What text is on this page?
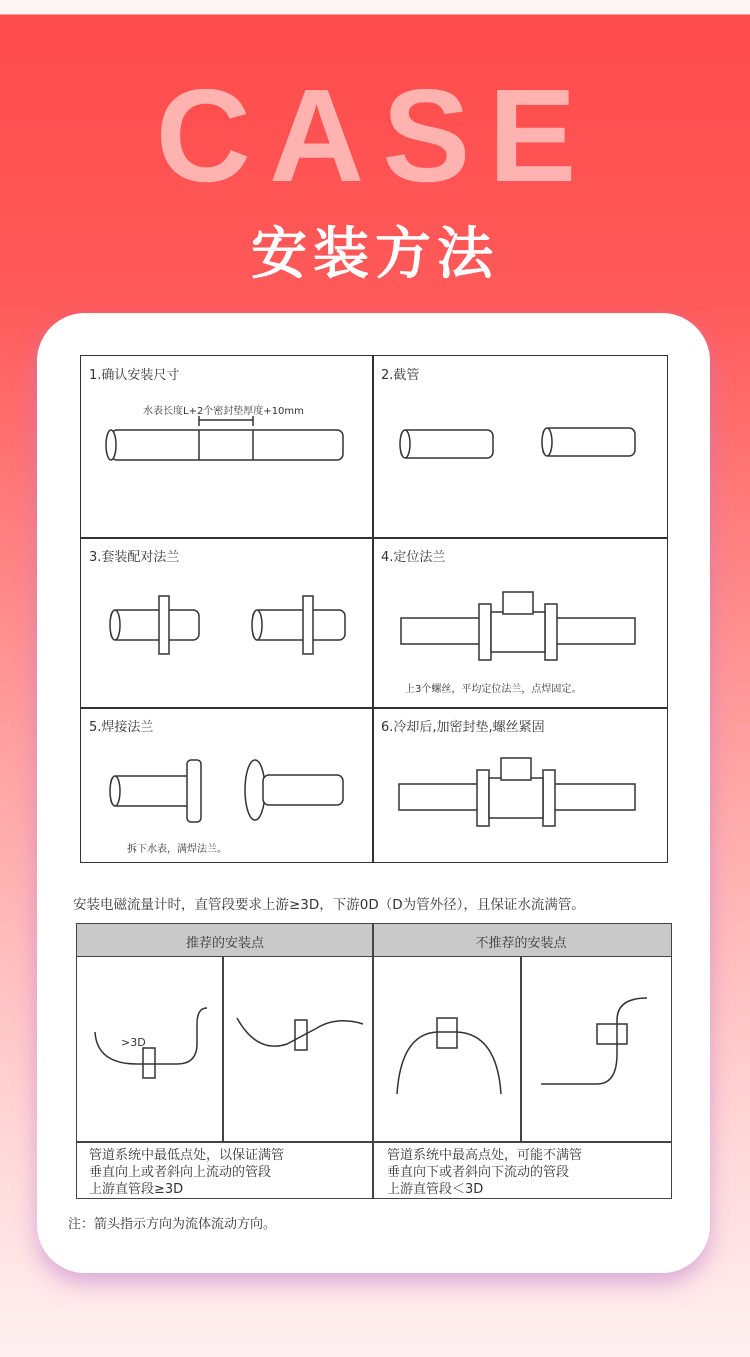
CASE
安装方法
1.确认安装尺寸	2.截管
3.套装配对法兰	4.定位法兰
5.焊接法兰	6.冷却后,加密封垫,螺丝紧固
水表长度L+2个密封垫厚度+10mm
上3个螺丝，平均定位法兰，点焊固定。
拆下水表，满焊法兰。
安装电磁流量计时，直管段要求上游≥3D，下游0D（D为管外径），且保证水流满管。
推荐的安装点	不推荐的安装点
>3D
管道系统中最低点处，以保证满管
垂直向上或者斜向上流动的管段
上游直管段≥3D
管道系统中最高点处，可能不满管
垂直向下或者斜向下流动的管段
上游直管段＜3D
注：箭头指示方向为流体流动方向。
